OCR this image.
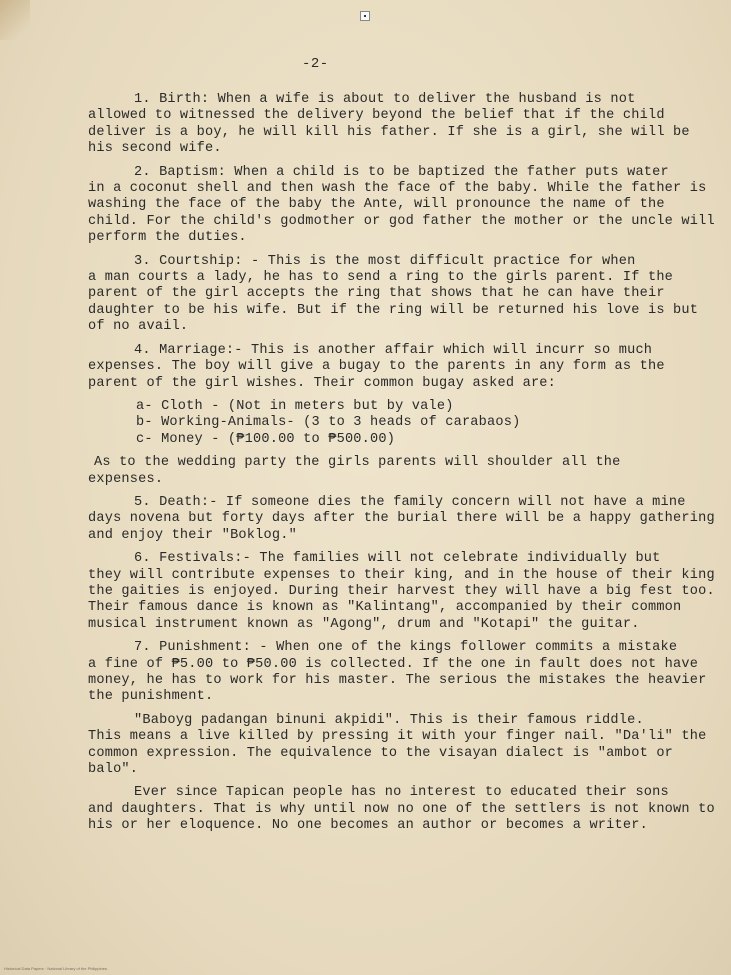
-2-
1. Birth: When a wife is about to deliver the husband is not
allowed to witnessed the delivery beyond the belief that if the child deliver is a boy, he will kill his father. If she is a girl, she will be his second wife.
2. Baptism: When a child is to be baptized the father puts water
in a coconut shell and then wash the face of the baby. While the father is washing the face of the baby the Ante, will pronounce the name of the child. For the child's godmother or god father the mother or the uncle will perform the duties.
3. Courtship: - This is the most difficult practice for when
a man courts a lady, he has to send a ring to the girls parent. If the parent of the girl accepts the ring that shows that he can have their daughter to be his wife. But if the ring will be returned his love is but of no avail.
4. Marriage:- This is another affair which will incurr so much
expenses. The boy will give a bugay to the parents in any form as the parent of the girl wishes. Their common bugay asked are:
a- Cloth - (Not in meters but by vale)
b- Working-Animals- (3 to 3 heads of carabaos)
c- Money - (₱100.00 to ₱500.00)
As to the wedding party the girls parents will shoulder all the
expenses.
5. Death:- If someone dies the family concern will not have a mine
days novena but forty days after the burial there will be a happy gathering and enjoy their "Boklog."
6. Festivals:- The families will not celebrate individually but
they will contribute expenses to their king, and in the house of their king the gaities is enjoyed. During their harvest they will have a big fest too. Their famous dance is known as "Kalintang", accompanied by their common musical instrument known as "Agong", drum and "Kotapi" the guitar.
7. Punishment: - When one of the kings follower commits a mistake
a fine of ₱5.00 to ₱50.00 is collected. If the one in fault does not have money, he has to work for his master. The serious the mistakes the heavier the punishment.
"Baboyg padangan binuni akpidi". This is their famous riddle.
This means a live killed by pressing it with your finger nail. "Da'li" the common expression. The equivalence to the visayan dialect is "ambot or balo".
Ever since Tapican people has no interest to educated their sons
and daughters. That is why until now no one of the settlers is not known to his or her eloquence. No one becomes an author or becomes a writer.
Historical Data Papers · National Library of the Philippines
